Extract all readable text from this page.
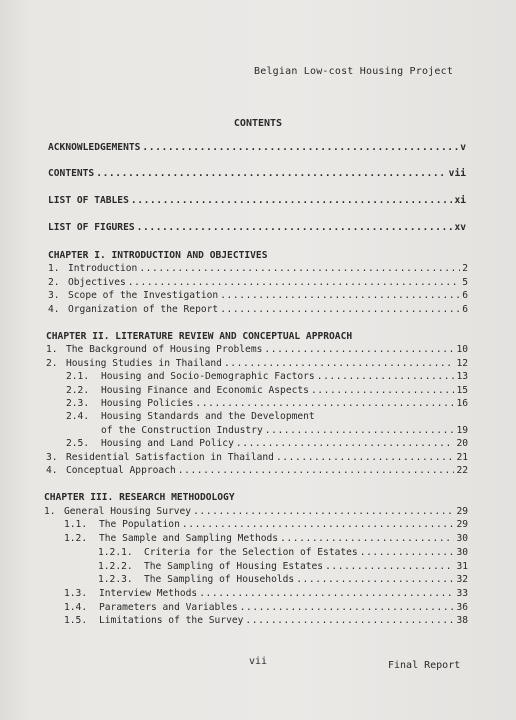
Belgian Low-cost Housing Project
CONTENTS
ACKNOWLEDGEMENTS . . .	v
CONTENTS . . .	vii
LIST OF TABLES . . .	xi
LIST OF FIGURES . . .	xv
CHAPTER I. INTRODUCTION AND OBJECTIVES
1. Introduction . . .	2
2. Objectives . . .	5
3. Scope of the Investigation . . .	6
4. Organization of the Report . . .	6
CHAPTER II. LITERATURE REVIEW AND CONCEPTUAL APPROACH
1. The Background of Housing Problems . . .	10
2. Housing Studies in Thailand . . .	12
2.1.	Housing and Socio-Demographic Factors . . .	13
2.2.	Housing Finance and Economic Aspects . . .	15
2.3.	Housing Policies . . .	16
2.4.	Housing Standards and the Development
of the Construction Industry . . .	19
2.5.	Housing and Land Policy . . .	20
3. Residential Satisfaction in Thailand . . .	21
4. Conceptual Approach . . .	22
CHAPTER III. RESEARCH METHODOLOGY
1. General Housing Survey . . .	29
1.1.	The Population . . .	29
1.2.	The Sample and Sampling Methods . . .	30
1.2.1.	Criteria for the Selection of Estates . . .	30
1.2.2.	The Sampling of Housing Estates . . .	31
1.2.3.	The Sampling of Households . . .	32
1.3.	Interview Methods . . .	33
1.4.	Parameters and Variables . . .	36
1.5.	Limitations of the Survey . . .	38
vii	Final Report
